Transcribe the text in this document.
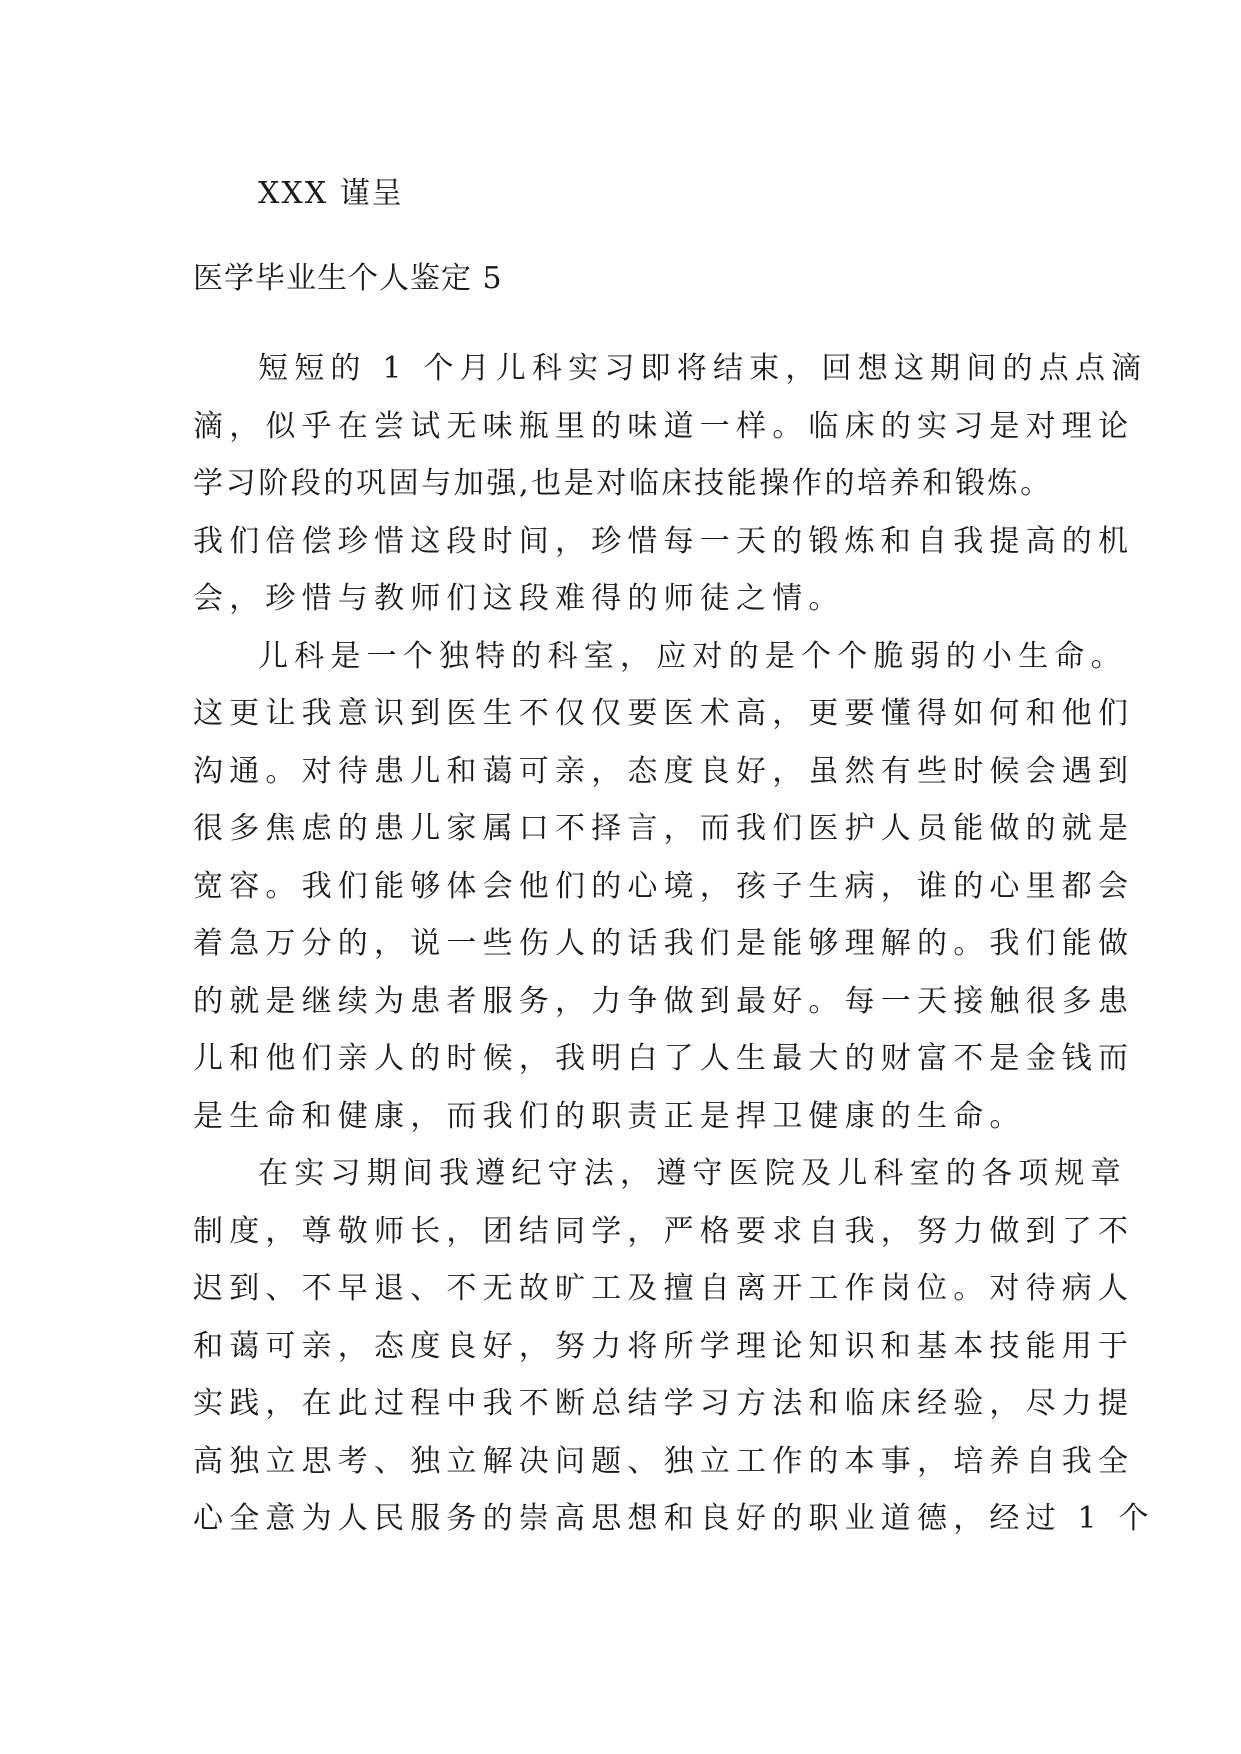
XXX 谨呈
医学毕业生个人鉴定 5
短短的 1 个月儿科实习即将结束，回想这期间的点点滴
滴，似乎在尝试无味瓶里的味道一样。临床的实习是对理论
学习阶段的巩固与加强,也是对临床技能操作的培养和锻炼。
我们倍偿珍惜这段时间，珍惜每一天的锻炼和自我提高的机
会，珍惜与教师们这段难得的师徒之情。
儿科是一个独特的科室，应对的是个个脆弱的小生命。
这更让我意识到医生不仅仅要医术高，更要懂得如何和他们
沟通。对待患儿和蔼可亲，态度良好，虽然有些时候会遇到
很多焦虑的患儿家属口不择言，而我们医护人员能做的就是
宽容。我们能够体会他们的心境，孩子生病，谁的心里都会
着急万分的，说一些伤人的话我们是能够理解的。我们能做
的就是继续为患者服务，力争做到最好。每一天接触很多患
儿和他们亲人的时候，我明白了人生最大的财富不是金钱而
是生命和健康，而我们的职责正是捍卫健康的生命。
在实习期间我遵纪守法，遵守医院及儿科室的各项规章
制度，尊敬师长，团结同学，严格要求自我，努力做到了不
迟到、不早退、不无故旷工及擅自离开工作岗位。对待病人
和蔼可亲，态度良好，努力将所学理论知识和基本技能用于
实践，在此过程中我不断总结学习方法和临床经验，尽力提
高独立思考、独立解决问题、独立工作的本事，培养自我全
心全意为人民服务的崇高思想和良好的职业道德，经过 1 个
